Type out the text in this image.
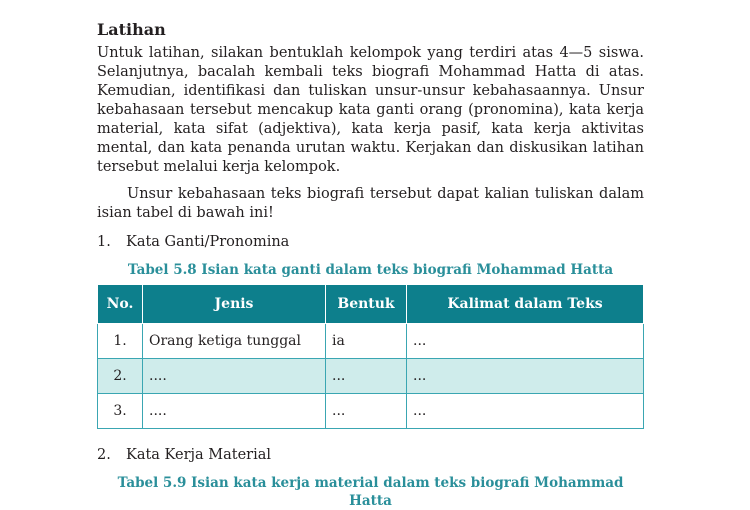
Latihan

Untuk latihan, silakan bentuklah kelompok yang terdiri atas 4—5 siswa. Selanjutnya, bacalah kembali teks biografi Mohammad Hatta di atas. Kemudian, identifikasi dan tuliskan unsur-unsur kebahasaannya. Unsur kebahasaan tersebut mencakup kata ganti orang (pronomina), kata kerja material, kata sifat (adjektiva), kata kerja pasif, kata kerja aktivitas mental, dan kata penanda urutan waktu. Kerjakan dan diskusikan latihan tersebut melalui kerja kelompok.

Unsur kebahasaan teks biografi tersebut dapat kalian tuliskan dalam isian tabel di bawah ini!

1.	Kata Ganti/Pronomina
Tabel 5.8 Isian kata ganti dalam teks biografi Mohammad Hatta
No.	Jenis	Bentuk	Kalimat dalam Teks
1.	Orang ketiga tunggal	ia	...
2.	....	...	...
3.	....	...	...
2.	Kata Kerja Material
Tabel 5.9 Isian kata kerja material dalam teks biografi Mohammad Hatta
